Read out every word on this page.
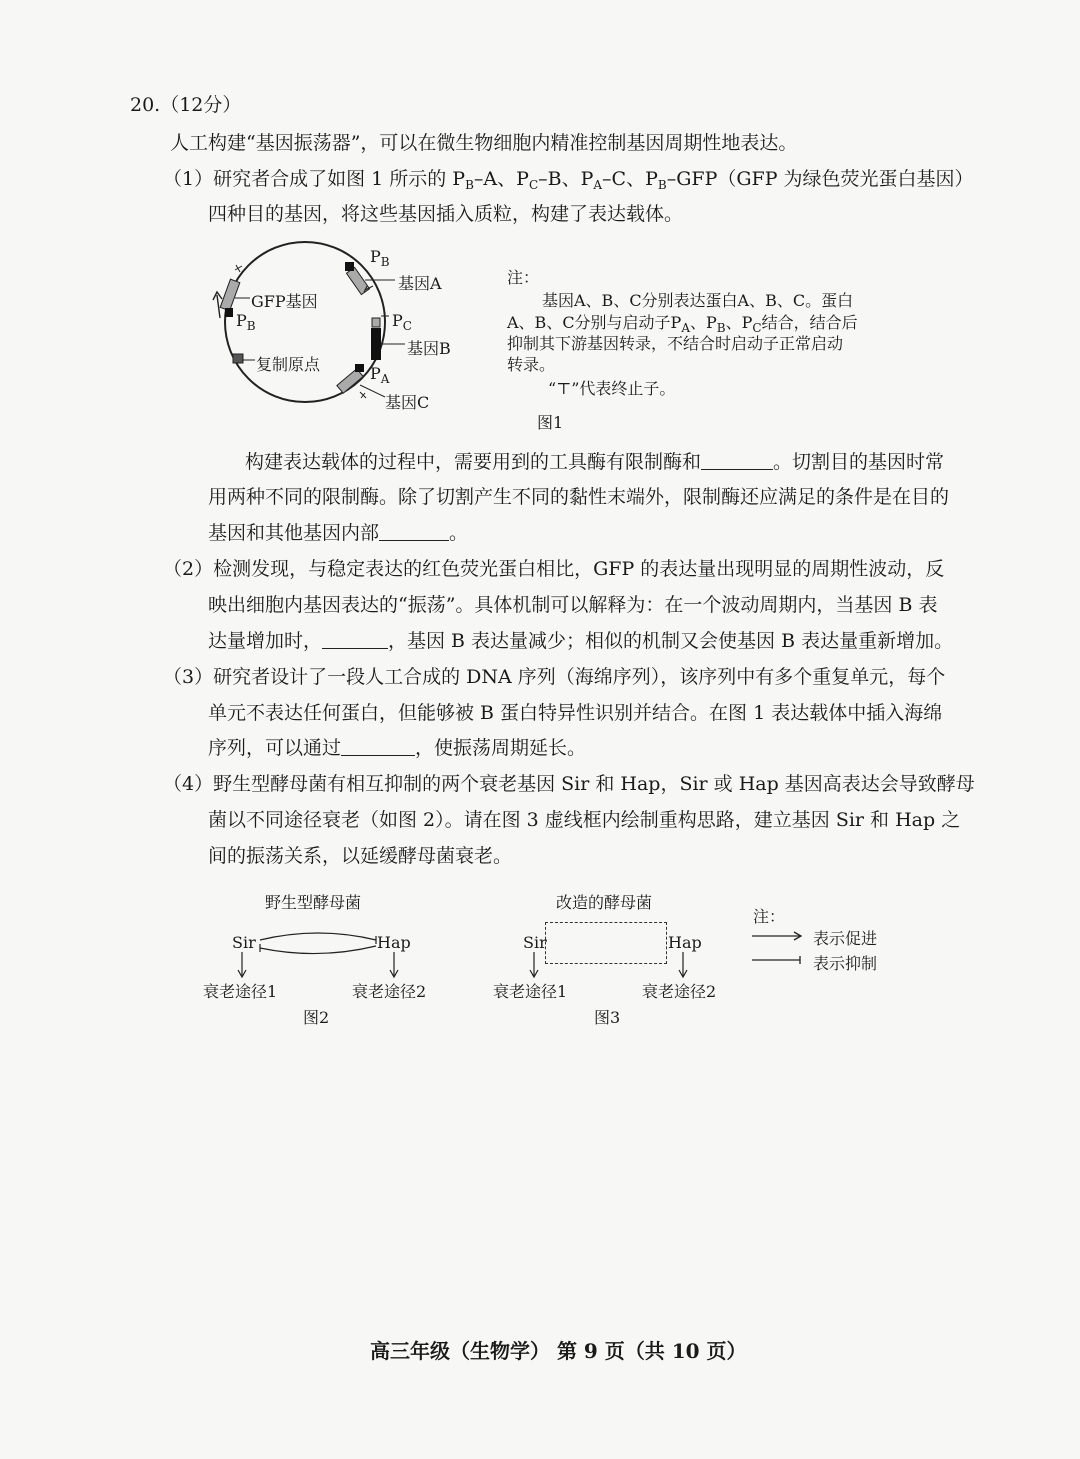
20.（12分）
人工构建“基因振荡器”，可以在微生物细胞内精准控制基因周期性地表达。
（1）研究者合成了如图 1 所示的 $P_B-A$、$P_C-B$、$P_A-C$、$P_B-GFP(GFP$ 为绿色荧光蛋白基因）
四种目的基因，将这些基因插入质粒，构建了表达载体。
$P_B$
基因A
GFP基因
$P_B$	$P_C$
基因B
复制原点	$P_A$
基因C
注：
基因A、B、C分别表达蛋白A、B、C。蛋白
A、B、C分别与启动子$P_A$、$P_B$、$P_C$结合，结合后
抑制其下游基因转录，不结合时启动子正常启动
转录。
“⊤”代表终止子。
图1
构建表达载体的过程中，需要用到的工具酶有限制酶和	。切割目的基因时常
用两种不同的限制酶。除了切割产生不同的黏性末端外，限制酶还应满足的条件是在目的
基因和其他基因内部	。
（2）检测发现，与稳定表达的红色荧光蛋白相比，GFP 的表达量出现明显的周期性波动，反
映出细胞内基因表达的“振荡”。具体机制可以解释为：在一个波动周期内，当基因 B 表
达量增加时，	，基因 B 表达量减少；相似的机制又会使基因 B 表达量重新增加。
（3）研究者设计了一段人工合成的 DNA 序列（海绵序列），该序列中有多个重复单元，每个
单元不表达任何蛋白，但能够被 B 蛋白特异性识别并结合。在图 1 表达载体中插入海绵
序列，可以通过	，使振荡周期延长。
（4）野生型酵母菌有相互抑制的两个衰老基因 Sir 和 Hap，Sir 或 Hap 基因高表达会导致酵母
菌以不同途径衰老（如图 2）。请在图 3 虚线框内绘制重构思路，建立基因 Sir 和 Hap 之
间的振荡关系，以延缓酵母菌衰老。
野生型酵母菌
Sir	Hap
衰老途径1	衰老途径2
图2
改造的酵母菌
Sir	Hap
衰老途径1	衰老途径2
图3
注：
表示促进
表示抑制
高三年级（生物学） 第 9 页（共 10 页）
